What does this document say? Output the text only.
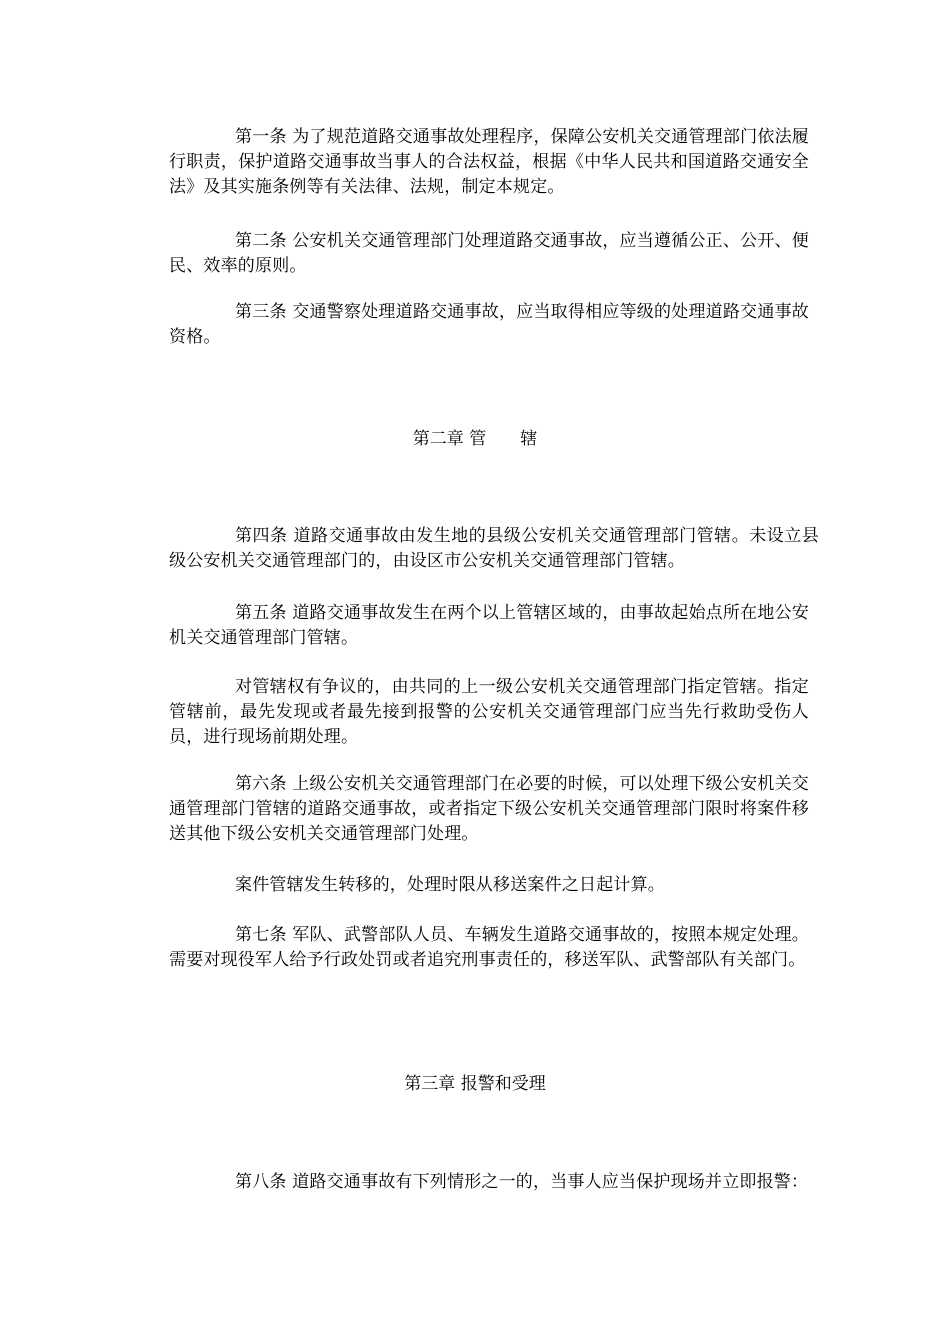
第一条 为了规范道路交通事故处理程序，保障公安机关交通管理部门依法履行职责，保护道路交通事故当事人的合法权益，根据《中华人民共和国道路交通安全法》及其实施条例等有关法律、法规，制定本规定。

第二条 公安机关交通管理部门处理道路交通事故，应当遵循公正、公开、便民、效率的原则。

第三条 交通警察处理道路交通事故，应当取得相应等级的处理道路交通事故资格。

第二章 管　　辖

第四条 道路交通事故由发生地的县级公安机关交通管理部门管辖。未设立县级公安机关交通管理部门的，由设区市公安机关交通管理部门管辖。

第五条 道路交通事故发生在两个以上管辖区域的，由事故起始点所在地公安机关交通管理部门管辖。

对管辖权有争议的，由共同的上一级公安机关交通管理部门指定管辖。指定管辖前，最先发现或者最先接到报警的公安机关交通管理部门应当先行救助受伤人员，进行现场前期处理。

第六条 上级公安机关交通管理部门在必要的时候，可以处理下级公安机关交通管理部门管辖的道路交通事故，或者指定下级公安机关交通管理部门限时将案件移送其他下级公安机关交通管理部门处理。

案件管辖发生转移的，处理时限从移送案件之日起计算。

第七条 军队、武警部队人员、车辆发生道路交通事故的，按照本规定处理。需要对现役军人给予行政处罚或者追究刑事责任的，移送军队、武警部队有关部门。

第三章 报警和受理

第八条 道路交通事故有下列情形之一的，当事人应当保护现场并立即报警：
